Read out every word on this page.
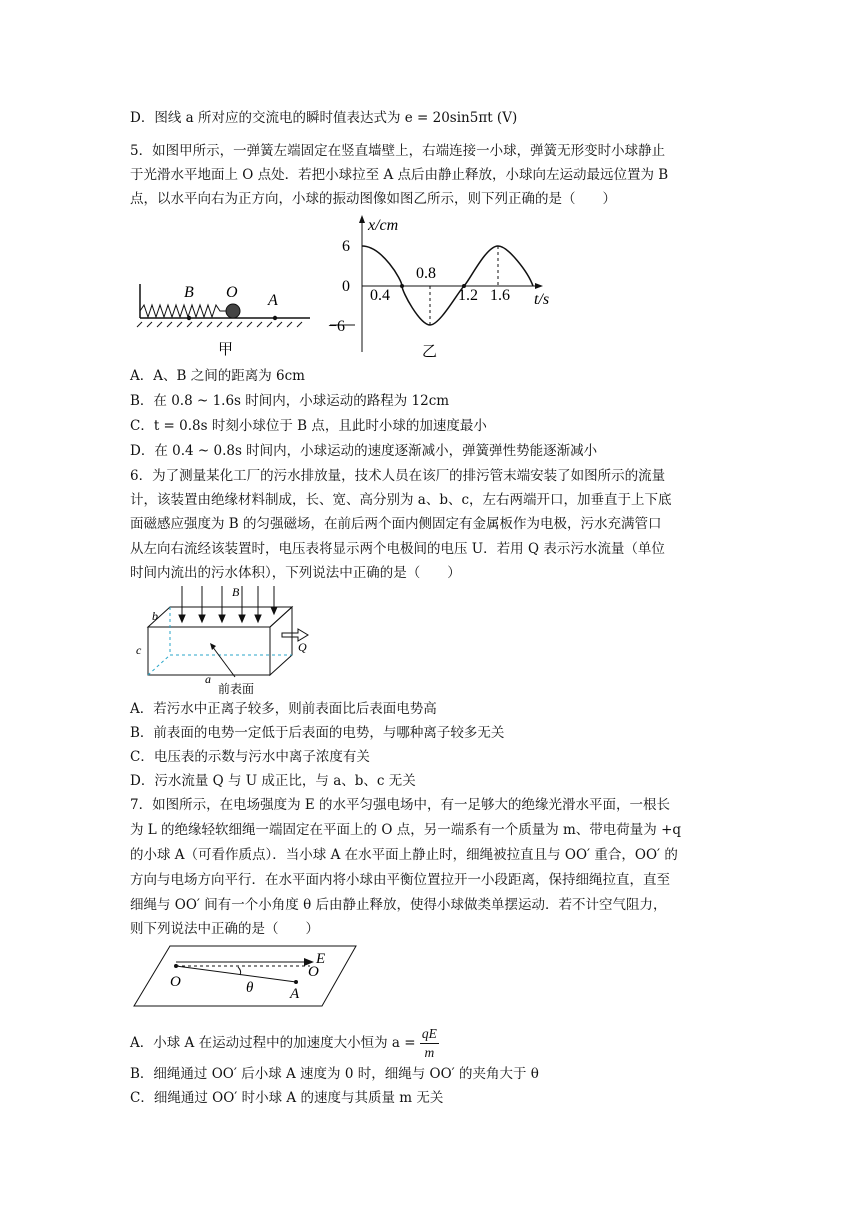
D．图线 a 所对应的交流电的瞬时值表达式为 e = 20sin5πt (V)
5．如图甲所示，一弹簧左端固定在竖直墙壁上，右端连接一小球，弹簧无形变时小球静止
于光滑水平地面上 O 点处．若把小球拉至 A 点后由静止释放，小球向左运动最远位置为 B
点，以水平向右为正方向，小球的振动图像如图乙所示，则下列正确的是（　　）
B O A
甲
6
0
−6
0.4
0.8
1.2 1.6
x/cm
t/s
乙
A．A、B 之间的距离为 6cm
B．在 0.8 ~ 1.6s 时间内，小球运动的路程为 12cm
C．t = 0.8s 时刻小球位于 B 点，且此时小球的加速度最小
D．在 0.4 ~ 0.8s 时间内，小球运动的速度逐渐减小，弹簧弹性势能逐渐减小
6．为了测量某化工厂的污水排放量，技术人员在该厂的排污管末端安装了如图所示的流量
计，该装置由绝缘材料制成，长、宽、高分别为 a、b、c，左右两端开口，加垂直于上下底
面磁感应强度为 B 的匀强磁场，在前后两个面内侧固定有金属板作为电极，污水充满管口
从左向右流经该装置时，电压表将显示两个电极间的电压 U．若用 Q 表示污水流量（单位
时间内流出的污水体积），下列说法中正确的是（　　）
B
b
c
a
Q
前表面
A．若污水中正离子较多，则前表面比后表面电势高
B．前表面的电势一定低于后表面的电势，与哪种离子较多无关
C．电压表的示数与污水中离子浓度有关
D．污水流量 Q 与 U 成正比，与 a、b、c 无关
7．如图所示，在电场强度为 E 的水平匀强电场中，有一足够大的绝缘光滑水平面，一根长
为 L 的绝缘轻软细绳一端固定在平面上的 O 点，另一端系有一个质量为 m、带电荷量为 +q
的小球 A（可看作质点）．当小球 A 在水平面上静止时，细绳被拉直且与 OO′ 重合，OO′ 的
方向与电场方向平行．在水平面内将小球由平衡位置拉开一小段距离，保持细绳拉直，直至
细绳与 OO′ 间有一个小角度 θ 后由静止释放，使得小球做类单摆运动．若不计空气阻力，
则下列说法中正确的是（　　）
E
O
O	θ A
A．小球 A 在运动过程中的加速度大小恒为 $a = \frac{qE}{m}$
B．细绳通过 OO′ 后小球 A 速度为 0 时，细绳与 OO′ 的夹角大于 θ
C．细绳通过 OO′ 时小球 A 的速度与其质量 m 无关
